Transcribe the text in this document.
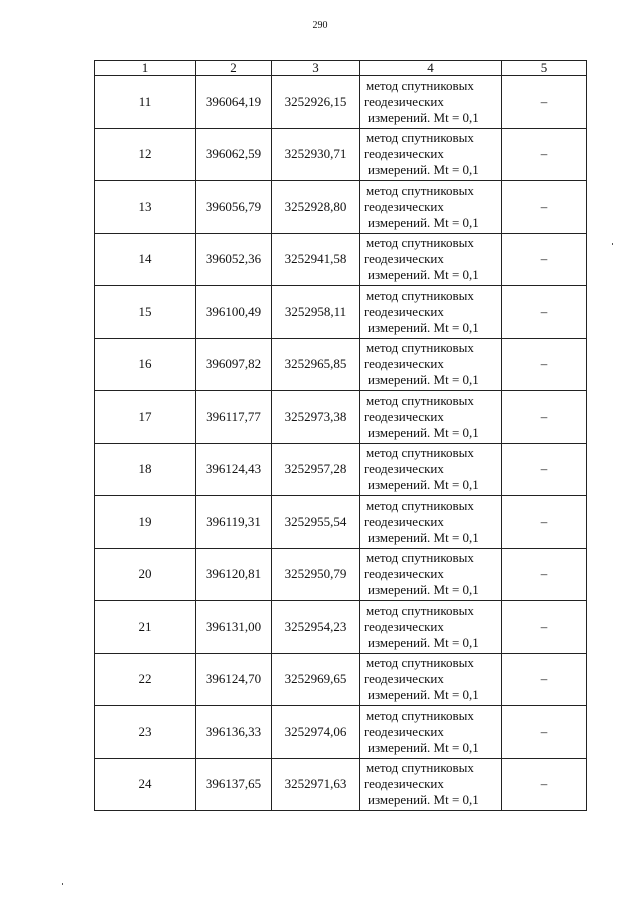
290
1	2	3	4	5
11	396064,19	3252926,15	метод спутниковых
геодезических
измерений. Mt = 0,1	–
12	396062,59	3252930,71	метод спутниковых
геодезических
измерений. Mt = 0,1	–
13	396056,79	3252928,80	метод спутниковых
геодезических
измерений. Mt = 0,1	–
14	396052,36	3252941,58	метод спутниковых
геодезических
измерений. Mt = 0,1	–
15	396100,49	3252958,11	метод спутниковых
геодезических
измерений. Mt = 0,1	–
16	396097,82	3252965,85	метод спутниковых
геодезических
измерений. Mt = 0,1	–
17	396117,77	3252973,38	метод спутниковых
геодезических
измерений. Mt = 0,1	–
18	396124,43	3252957,28	метод спутниковых
геодезических
измерений. Mt = 0,1	–
19	396119,31	3252955,54	метод спутниковых
геодезических
измерений. Mt = 0,1	–
20	396120,81	3252950,79	метод спутниковых
геодезических
измерений. Mt = 0,1	–
21	396131,00	3252954,23	метод спутниковых
геодезических
измерений. Mt = 0,1	–
22	396124,70	3252969,65	метод спутниковых
геодезических
измерений. Mt = 0,1	–
23	396136,33	3252974,06	метод спутниковых
геодезических
измерений. Mt = 0,1	–
24	396137,65	3252971,63	метод спутниковых
геодезических
измерений. Mt = 0,1	–
